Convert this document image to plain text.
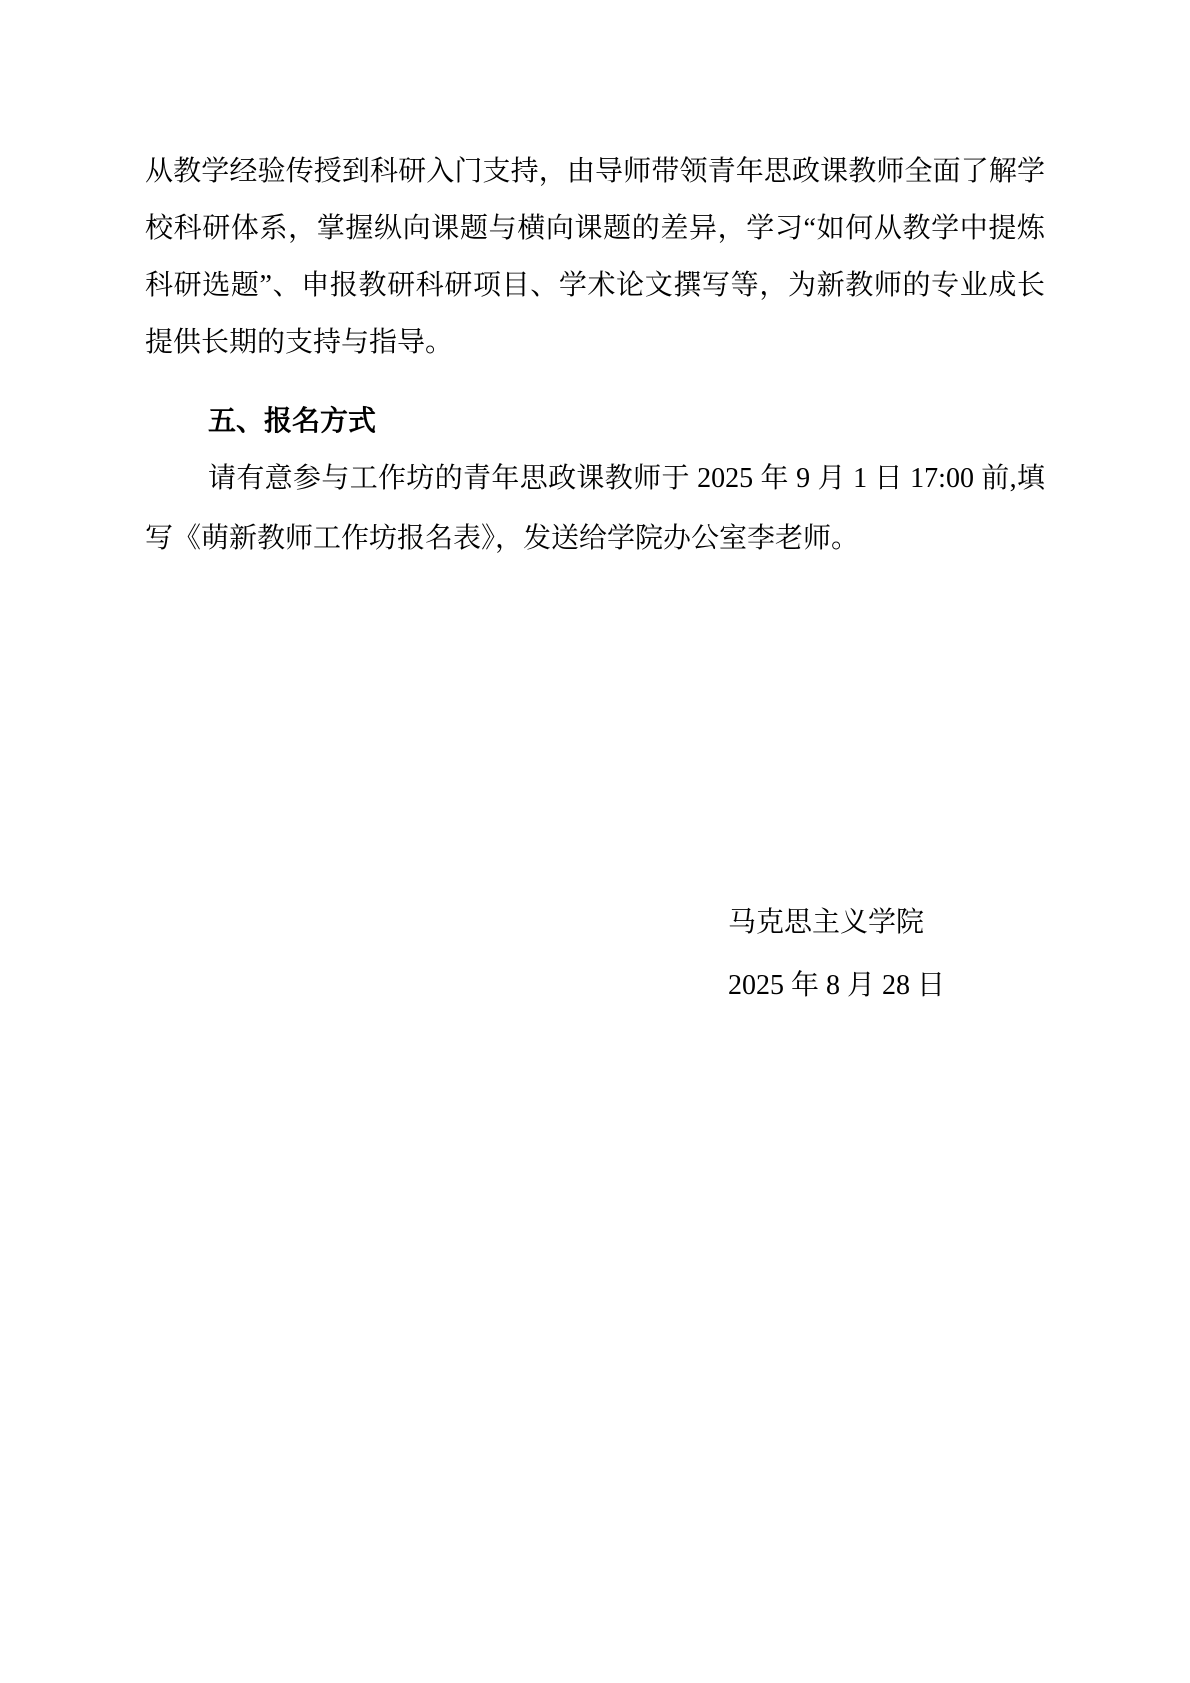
从教学经验传授到科研入门支持，由导师带领青年思政课教师全面了解学
校科研体系，掌握纵向课题与横向课题的差异，学习“如何从教学中提炼
科研选题”、申报教研科研项目、学术论文撰写等，为新教师的专业成长
提供长期的支持与指导。
五、报名方式
请有意参与工作坊的青年思政课教师于 2025 年 9 月 1 日 17:00 前,填
写《萌新教师工作坊报名表》，发送给学院办公室李老师。
马克思主义学院
2025 年 8 月 28 日
